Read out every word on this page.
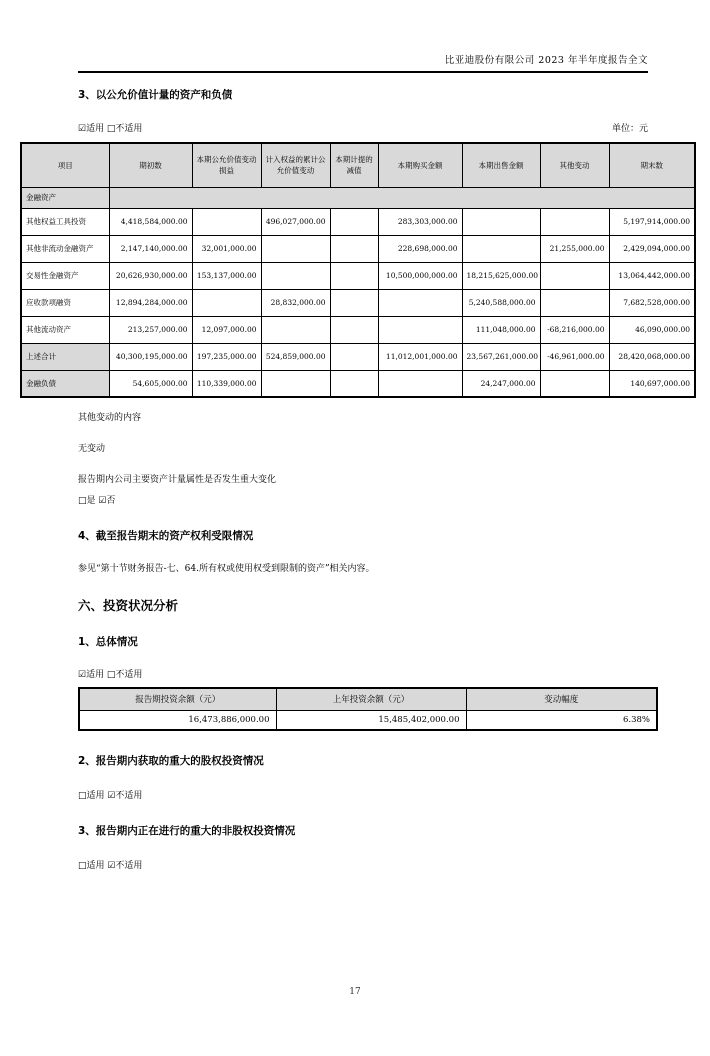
比亚迪股份有限公司 2023 年半年度报告全文
3、以公允价值计量的资产和负债
☑适用 □不适用	单位：元
项目	期初数	本期公允价值变动损益	计入权益的累计公允价值变动	本期计提的减值	本期购买金额	本期出售金额	其他变动	期末数
金融资产								
其他权益工具投资	4,418,584,000.00		496,027,000.00		283,303,000.00			5,197,914,000.00
其他非流动金融资产	2,147,140,000.00	32,001,000.00			228,698,000.00		21,255,000.00	2,429,094,000.00
交易性金融资产	20,626,930,000.00	153,137,000.00			10,500,000,000.00	18,215,625,000.00		13,064,442,000.00
应收款项融资	12,894,284,000.00		28,832,000.00			5,240,588,000.00		7,682,528,000.00
其他流动资产	213,257,000.00	12,097,000.00				111,048,000.00	-68,216,000.00	46,090,000.00
上述合计	40,300,195,000.00	197,235,000.00	524,859,000.00		11,012,001,000.00	23,567,261,000.00	-46,961,000.00	28,420,068,000.00
金融负债	54,605,000.00	110,339,000.00				24,247,000.00		140,697,000.00
其他变动的内容
无变动
报告期内公司主要资产计量属性是否发生重大变化
□是 ☑否
4、截至报告期末的资产权利受限情况
参见“第十节财务报告-七、64.所有权或使用权受到限制的资产”相关内容。
六、投资状况分析
1、总体情况
☑适用 □不适用
报告期投资余额（元）	上年投资余额（元）	变动幅度
16,473,886,000.00	15,485,402,000.00	6.38%
2、报告期内获取的重大的股权投资情况
□适用 ☑不适用
3、报告期内正在进行的重大的非股权投资情况
□适用 ☑不适用
17
